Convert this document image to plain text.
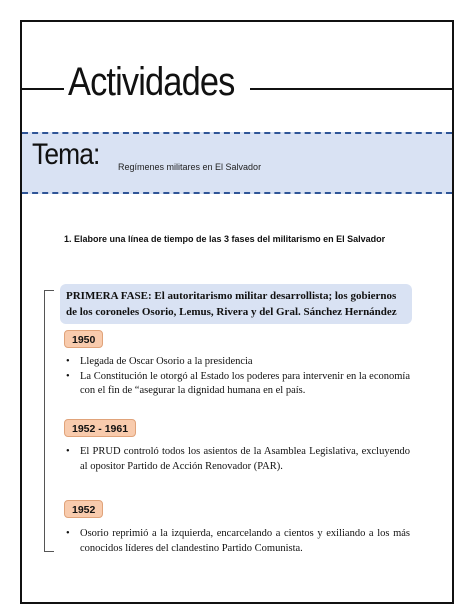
Actividades
Tema: Regímenes militares en El Salvador
1. Elabore una línea de tiempo de las 3 fases del militarismo en El Salvador
PRIMERA FASE: El autoritarismo militar desarrollista; los gobiernos de los coroneles Osorio, Lemus, Rivera y del Gral. Sánchez Hernández
1950
• Llegada de Oscar Osorio a la presidencia
• La Constitución le otorgó al Estado los poderes para intervenir en la economía con el fin de “asegurar la dignidad humana en el país.
1952 - 1961
• El PRUD controló todos los asientos de la Asamblea Legislativa, excluyendo al opositor Partido de Acción Renovador (PAR).
1952
• Osorio reprimió a la izquierda, encarcelando a cientos y exiliando a los más conocidos líderes del clandestino Partido Comunista.
